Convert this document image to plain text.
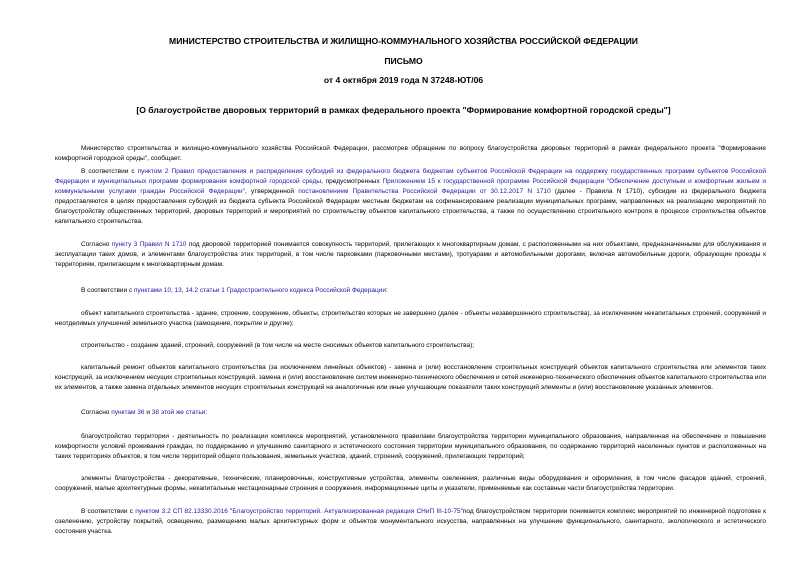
МИНИСТЕРСТВО СТРОИТЕЛЬСТВА И ЖИЛИЩНО-КОММУНАЛЬНОГО ХОЗЯЙСТВА РОССИЙСКОЙ ФЕДЕРАЦИИ
ПИСЬМО
от 4 октября 2019 года N 37248-ЮТ/06
[О благоустройстве дворовых территорий в рамках федерального проекта "Формирование комфортной городской среды"]
Министерство строительства и жилищно-коммунального хозяйства Российской Федерации, рассмотрев обращение по вопросу благоустройства дворовых территорий в рамках федерального проекта "Формирование комфортной городской среды", сообщает.
В соответствии с пунктом 2 Правил предоставления и распределения субсидий из федерального бюджета бюджетам субъектов Российской Федерации на поддержку государственных программ субъектов Российской Федерации и муниципальных программ формирования комфортной городской среды, предусмотренных Приложением 15 к государственной программе Российской Федерации "Обеспечение доступным и комфортным жильем и коммунальными услугами граждан Российской Федерации", утвержденной постановлением Правительства Российской Федерации от 30.12.2017 N 1710 (далее - Правила N 1710), субсидии из федерального бюджета предоставляются в целях предоставления субсидий из бюджета субъекта Российской Федерации местным бюджетам на софинансирование реализации муниципальных программ, направленных на реализацию мероприятий по благоустройству общественных территорий, дворовых территорий и мероприятий по строительству объектов капитального строительства, а также по осуществлению строительного контроля в процессе строительства объектов капитального строительства.
Согласно пункту 3 Правил N 1710 под дворовой территорией понимается совокупность территорий, прилегающих к многоквартирным домам, с расположенными на них объектами, предназначенными для обслуживания и эксплуатации таких домов, и элементами благоустройства этих территорий, в том числе парковками (парковочными местами), тротуарами и автомобильными дорогами, включая автомобильные дороги, образующие проезды к территориям, прилегающим к многоквартирным домам.
В соответствии с пунктами 10, 13, 14.2 статьи 1 Градостроительного кодекса Российской Федерации:
объект капитального строительства - здание, строение, сооружение, объекты, строительство которых не завершено (далее - объекты незавершенного строительства), за исключением некапитальных строений, сооружений и неотделимых улучшений земельного участка (замощение, покрытие и другие);
строительство - создание зданий, строений, сооружений (в том числе на месте сносимых объектов капитального строительства);
капитальный ремонт объектов капитального строительства (за исключением линейных объектов) - замена и (или) восстановление строительных конструкций объектов капитального строительства или элементов таких конструкций, за исключением несущих строительных конструкций, замена и (или) восстановление систем инженерно-технического обеспечения и сетей инженерно-технического обеспечения объектов капитального строительства или их элементов, а также замена отдельных элементов несущих строительных конструкций на аналогичные или иные улучшающие показатели таких конструкций элементы и (или) восстановление указанных элементов.
Согласно пунктам 36 и 38 этой же статьи:
благоустройство территории - деятельность по реализации комплекса мероприятий, установленного правилами благоустройства территории муниципального образования, направленная на обеспечение и повышение комфортности условий проживания граждан, по поддержанию и улучшению санитарного и эстетического состояния территории муниципального образования, по содержанию территорий населенных пунктов и расположенных на таких территориях объектов, в том числе территорий общего пользования, земельных участков, зданий, строений, сооружений, прилегающих территорий;
элементы благоустройства - декоративные, технические, планировочные, конструктивные устройства, элементы озеленения, различные виды оборудования и оформления, в том числе фасадов зданий, строений, сооружений, малые архитектурные формы, некапитальные нестационарные строения и сооружения, информационные щиты и указатели, применяемые как составные части благоустройства территории.
В соответствии с пунктом 3.2 СП 82.13330.2016 "Благоустройство территорий. Актуализированная редакция СНиП III-10-75"под благоустройством территории понимается комплекс мероприятий по инженерной подготовке к озеленению, устройству покрытий, освещению, размещению малых архитектурных форм и объектов монументального искусства, направленных на улучшение функционального, санитарного, экологического и эстетического состояния участка.
